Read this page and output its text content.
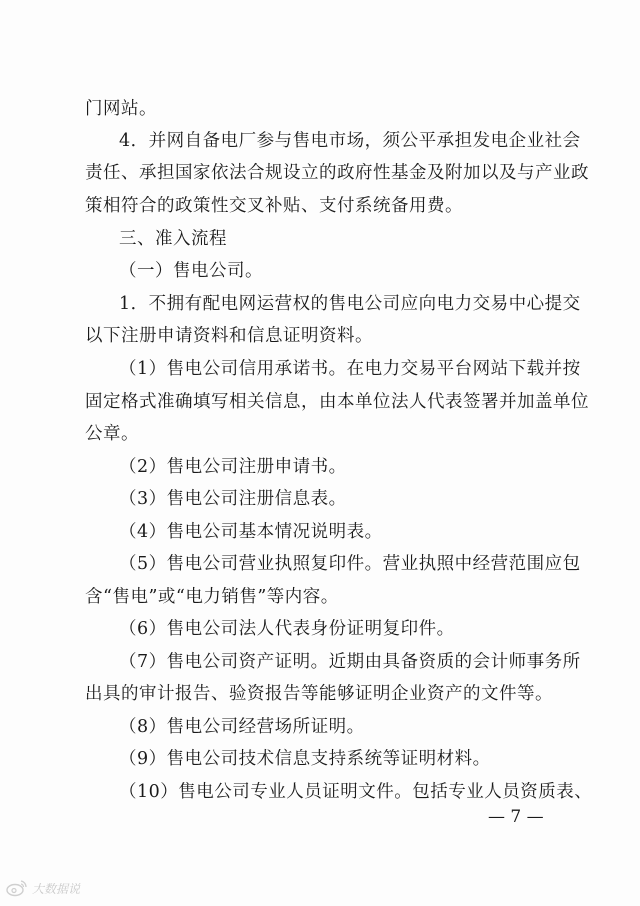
门网站。
4．并网自备电厂参与售电市场，须公平承担发电企业社会
责任、承担国家依法合规设立的政府性基金及附加以及与产业政
策相符合的政策性交叉补贴、支付系统备用费。
三、准入流程
（一）售电公司。
1．不拥有配电网运营权的售电公司应向电力交易中心提交
以下注册申请资料和信息证明资料。
（1）售电公司信用承诺书。在电力交易平台网站下载并按
固定格式准确填写相关信息，由本单位法人代表签署并加盖单位
公章。
（2）售电公司注册申请书。
（3）售电公司注册信息表。
（4）售电公司基本情况说明表。
（5）售电公司营业执照复印件。营业执照中经营范围应包
含“售电”或“电力销售”等内容。
（6）售电公司法人代表身份证明复印件。
（7）售电公司资产证明。近期由具备资质的会计师事务所
出具的审计报告、验资报告等能够证明企业资产的文件等。
（8）售电公司经营场所证明。
（9）售电公司技术信息支持系统等证明材料。
（10）售电公司专业人员证明文件。包括专业人员资质表、
— 7 —
大数据说
